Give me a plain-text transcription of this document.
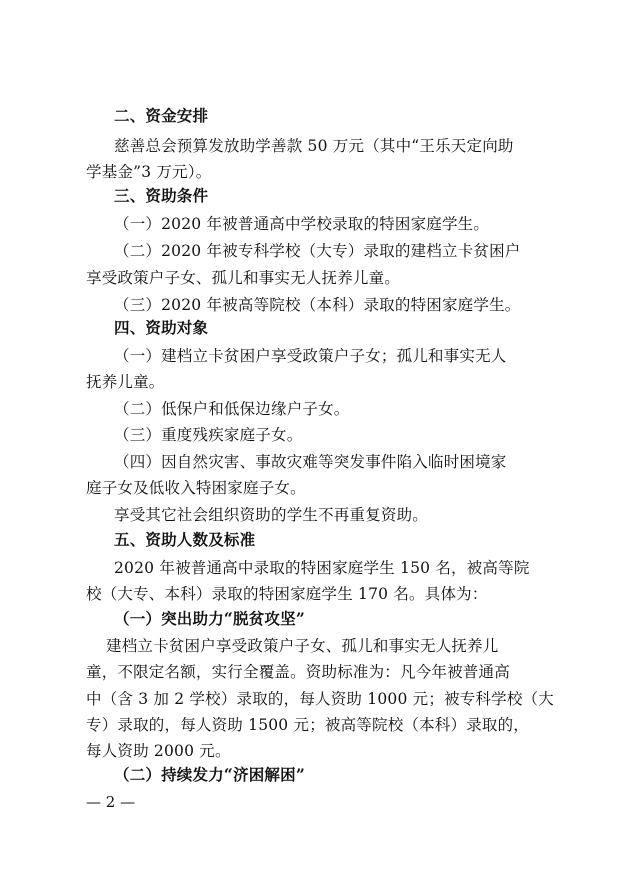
二、资金安排
慈善总会预算发放助学善款 50 万元（其中“王乐天定向助
学基金”3 万元）。
三、资助条件
（一）2020 年被普通高中学校录取的特困家庭学生。
（二）2020 年被专科学校（大专）录取的建档立卡贫困户
享受政策户子女、孤儿和事实无人抚养儿童。
（三）2020 年被高等院校（本科）录取的特困家庭学生。
四、资助对象
（一）建档立卡贫困户享受政策户子女；孤儿和事实无人
抚养儿童。
（二）低保户和低保边缘户子女。
（三）重度残疾家庭子女。
（四）因自然灾害、事故灾难等突发事件陷入临时困境家
庭子女及低收入特困家庭子女。
享受其它社会组织资助的学生不再重复资助。
五、资助人数及标准
2020 年被普通高中录取的特困家庭学生 150 名，被高等院
校（大专、本科）录取的特困家庭学生 170 名。具体为：
（一）突出助力“脱贫攻坚”
建档立卡贫困户享受政策户子女、孤儿和事实无人抚养儿
童，不限定名额，实行全覆盖。资助标准为：凡今年被普通高
中（含 3 加 2 学校）录取的，每人资助 1000 元；被专科学校（大
专）录取的，每人资助 1500 元；被高等院校（本科）录取的，
每人资助 2000 元。
（二）持续发力“济困解困”
— 2 —
